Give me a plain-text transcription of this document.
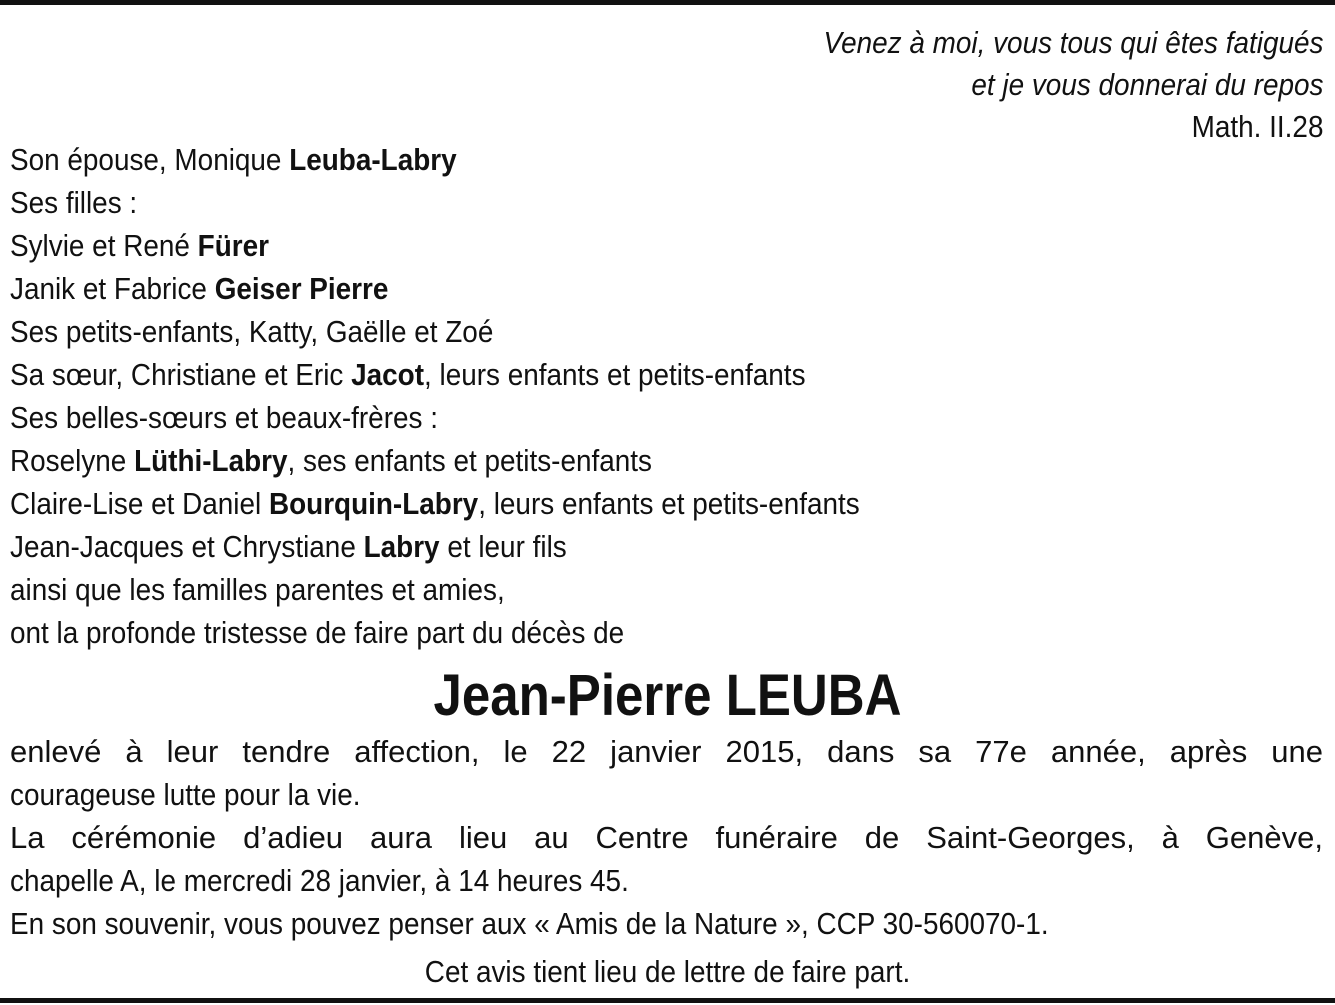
Venez à moi, vous tous qui êtes fatigués
et je vous donnerai du repos
Math. II.28
Son épouse, Monique Leuba-Labry
Ses filles :
Sylvie et René Fürer
Janik et Fabrice Geiser Pierre
Ses petits-enfants, Katty, Gaëlle et Zoé
Sa sœur, Christiane et Eric Jacot, leurs enfants et petits-enfants
Ses belles-sœurs et beaux-frères :
Roselyne Lüthi-Labry, ses enfants et petits-enfants
Claire-Lise et Daniel Bourquin-Labry, leurs enfants et petits-enfants
Jean-Jacques et Chrystiane Labry et leur fils
ainsi que les familles parentes et amies,
ont la profonde tristesse de faire part du décès de
Jean-Pierre LEUBA
enlevé à leur tendre affection, le 22 janvier 2015, dans sa 77e année, après une
courageuse lutte pour la vie.
La cérémonie d’adieu aura lieu au Centre funéraire de Saint-Georges, à Genève,
chapelle A, le mercredi 28 janvier, à 14 heures 45.
En son souvenir, vous pouvez penser aux « Amis de la Nature », CCP 30-560070-1.
Cet avis tient lieu de lettre de faire part.
